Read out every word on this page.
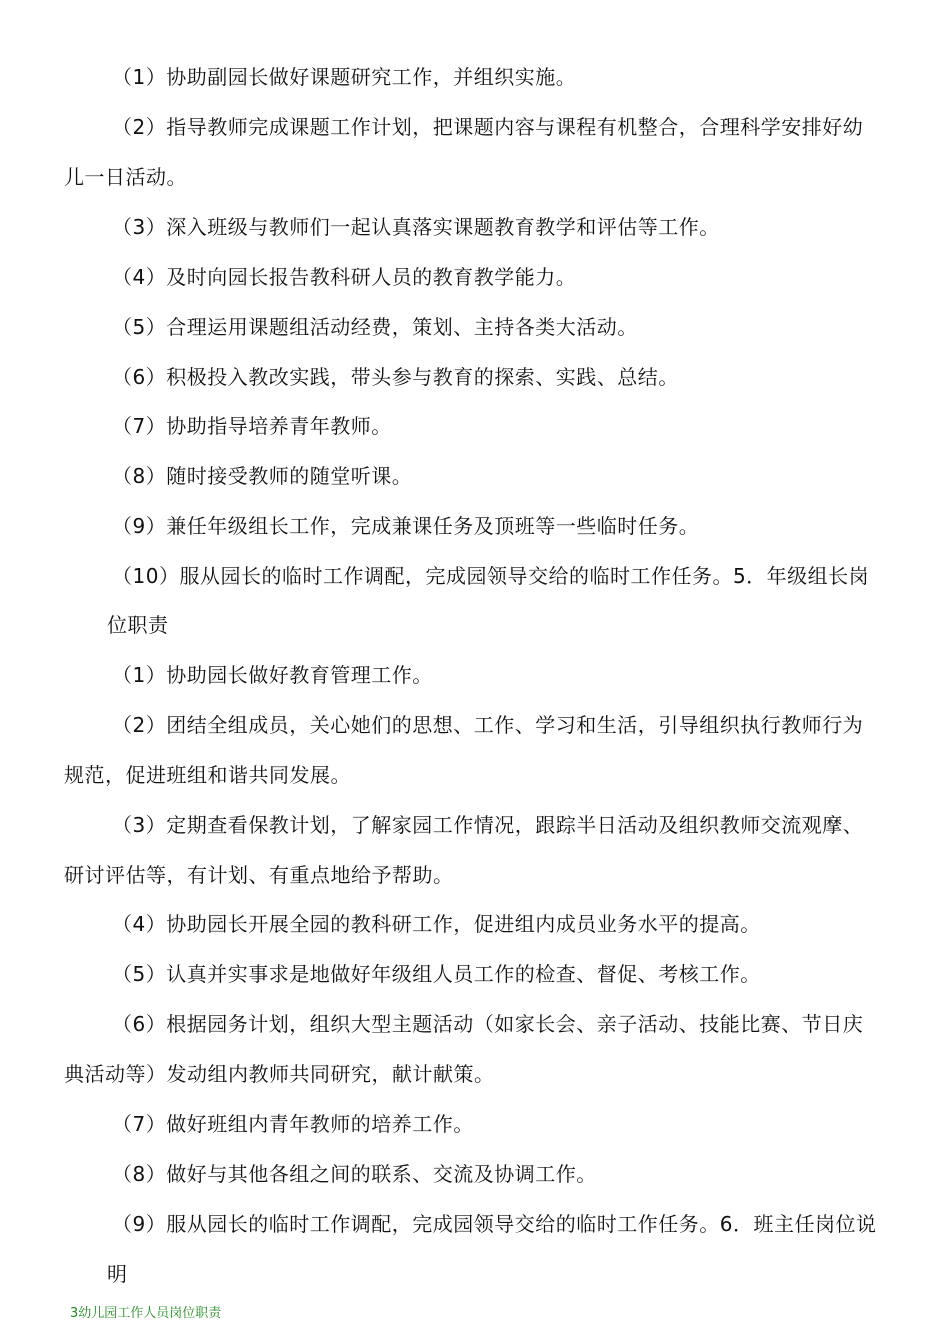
（1）协助副园长做好课题研究工作，并组织实施。
（2）指导教师完成课题工作计划，把课题内容与课程有机整合，合理科学安排好幼
儿一日活动。
（3）深入班级与教师们一起认真落实课题教育教学和评估等工作。
（4）及时向园长报告教科研人员的教育教学能力。
（5）合理运用课题组活动经费，策划、主持各类大活动。
（6）积极投入教改实践，带头参与教育的探索、实践、总结。
（7）协助指导培养青年教师。
（8）随时接受教师的随堂听课。
（9）兼任年级组长工作，完成兼课任务及顶班等一些临时任务。
（10）服从园长的临时工作调配，完成园领导交给的临时工作任务。5．年级组长岗
位职责
（1）协助园长做好教育管理工作。
（2）团结全组成员，关心她们的思想、工作、学习和生活，引导组织执行教师行为
规范，促进班组和谐共同发展。
（3）定期查看保教计划，了解家园工作情况，跟踪半日活动及组织教师交流观摩、
研讨评估等，有计划、有重点地给予帮助。
（4）协助园长开展全园的教科研工作，促进组内成员业务水平的提高。
（5）认真并实事求是地做好年级组人员工作的检查、督促、考核工作。
（6）根据园务计划，组织大型主题活动（如家长会、亲子活动、技能比赛、节日庆
典活动等）发动组内教师共同研究，献计献策。
（7）做好班组内青年教师的培养工作。
（8）做好与其他各组之间的联系、交流及协调工作。
（9）服从园长的临时工作调配，完成园领导交给的临时工作任务。6．班主任岗位说
明
3幼儿园工作人员岗位职责
